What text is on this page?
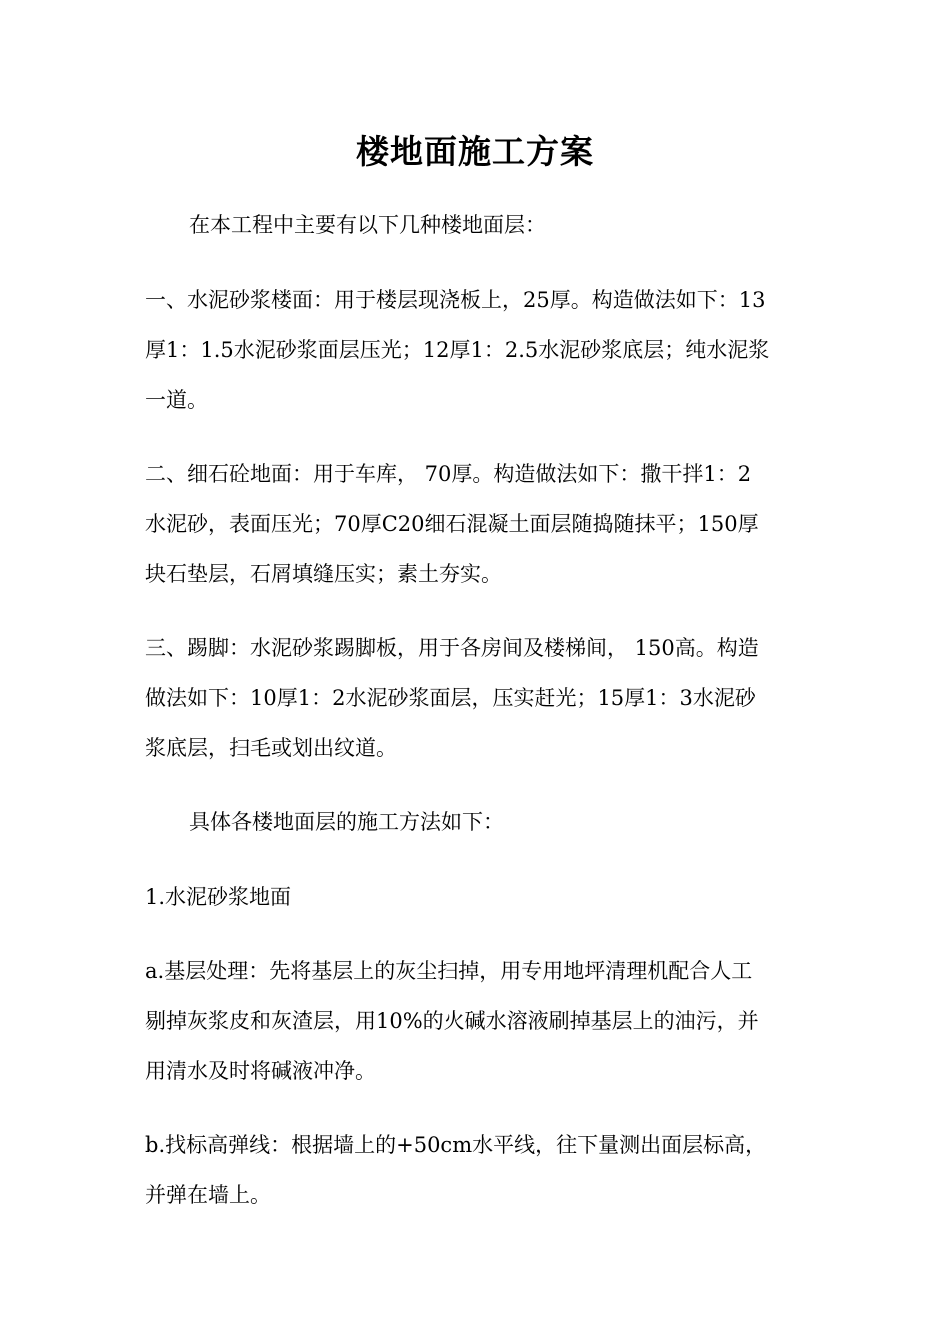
楼地面施工方案

在本工程中主要有以下几种楼地面层：

一、水泥砂浆楼面：用于楼层现浇板上，25厚。构造做法如下：13
厚1：1.5水泥砂浆面层压光；12厚1：2.5水泥砂浆底层；纯水泥浆
一道。
二、细石砼地面：用于车库， 70厚。构造做法如下：撒干拌1：2
水泥砂，表面压光；70厚C20细石混凝土面层随捣随抹平；150厚
块石垫层，石屑填缝压实；素土夯实。
三、踢脚：水泥砂浆踢脚板，用于各房间及楼梯间， 150高。构造
做法如下：10厚1：2水泥砂浆面层，压实赶光；15厚1：3水泥砂
浆底层，扫毛或划出纹道。

具体各楼地面层的施工方法如下：

1.水泥砂浆地面

a.基层处理：先将基层上的灰尘扫掉，用专用地坪清理机配合人工
剔掉灰浆皮和灰渣层，用10%的火碱水溶液刷掉基层上的油污，并
用清水及时将碱液冲净。
b.找标高弹线：根据墙上的+50cm水平线，往下量测出面层标高，
并弹在墙上。
